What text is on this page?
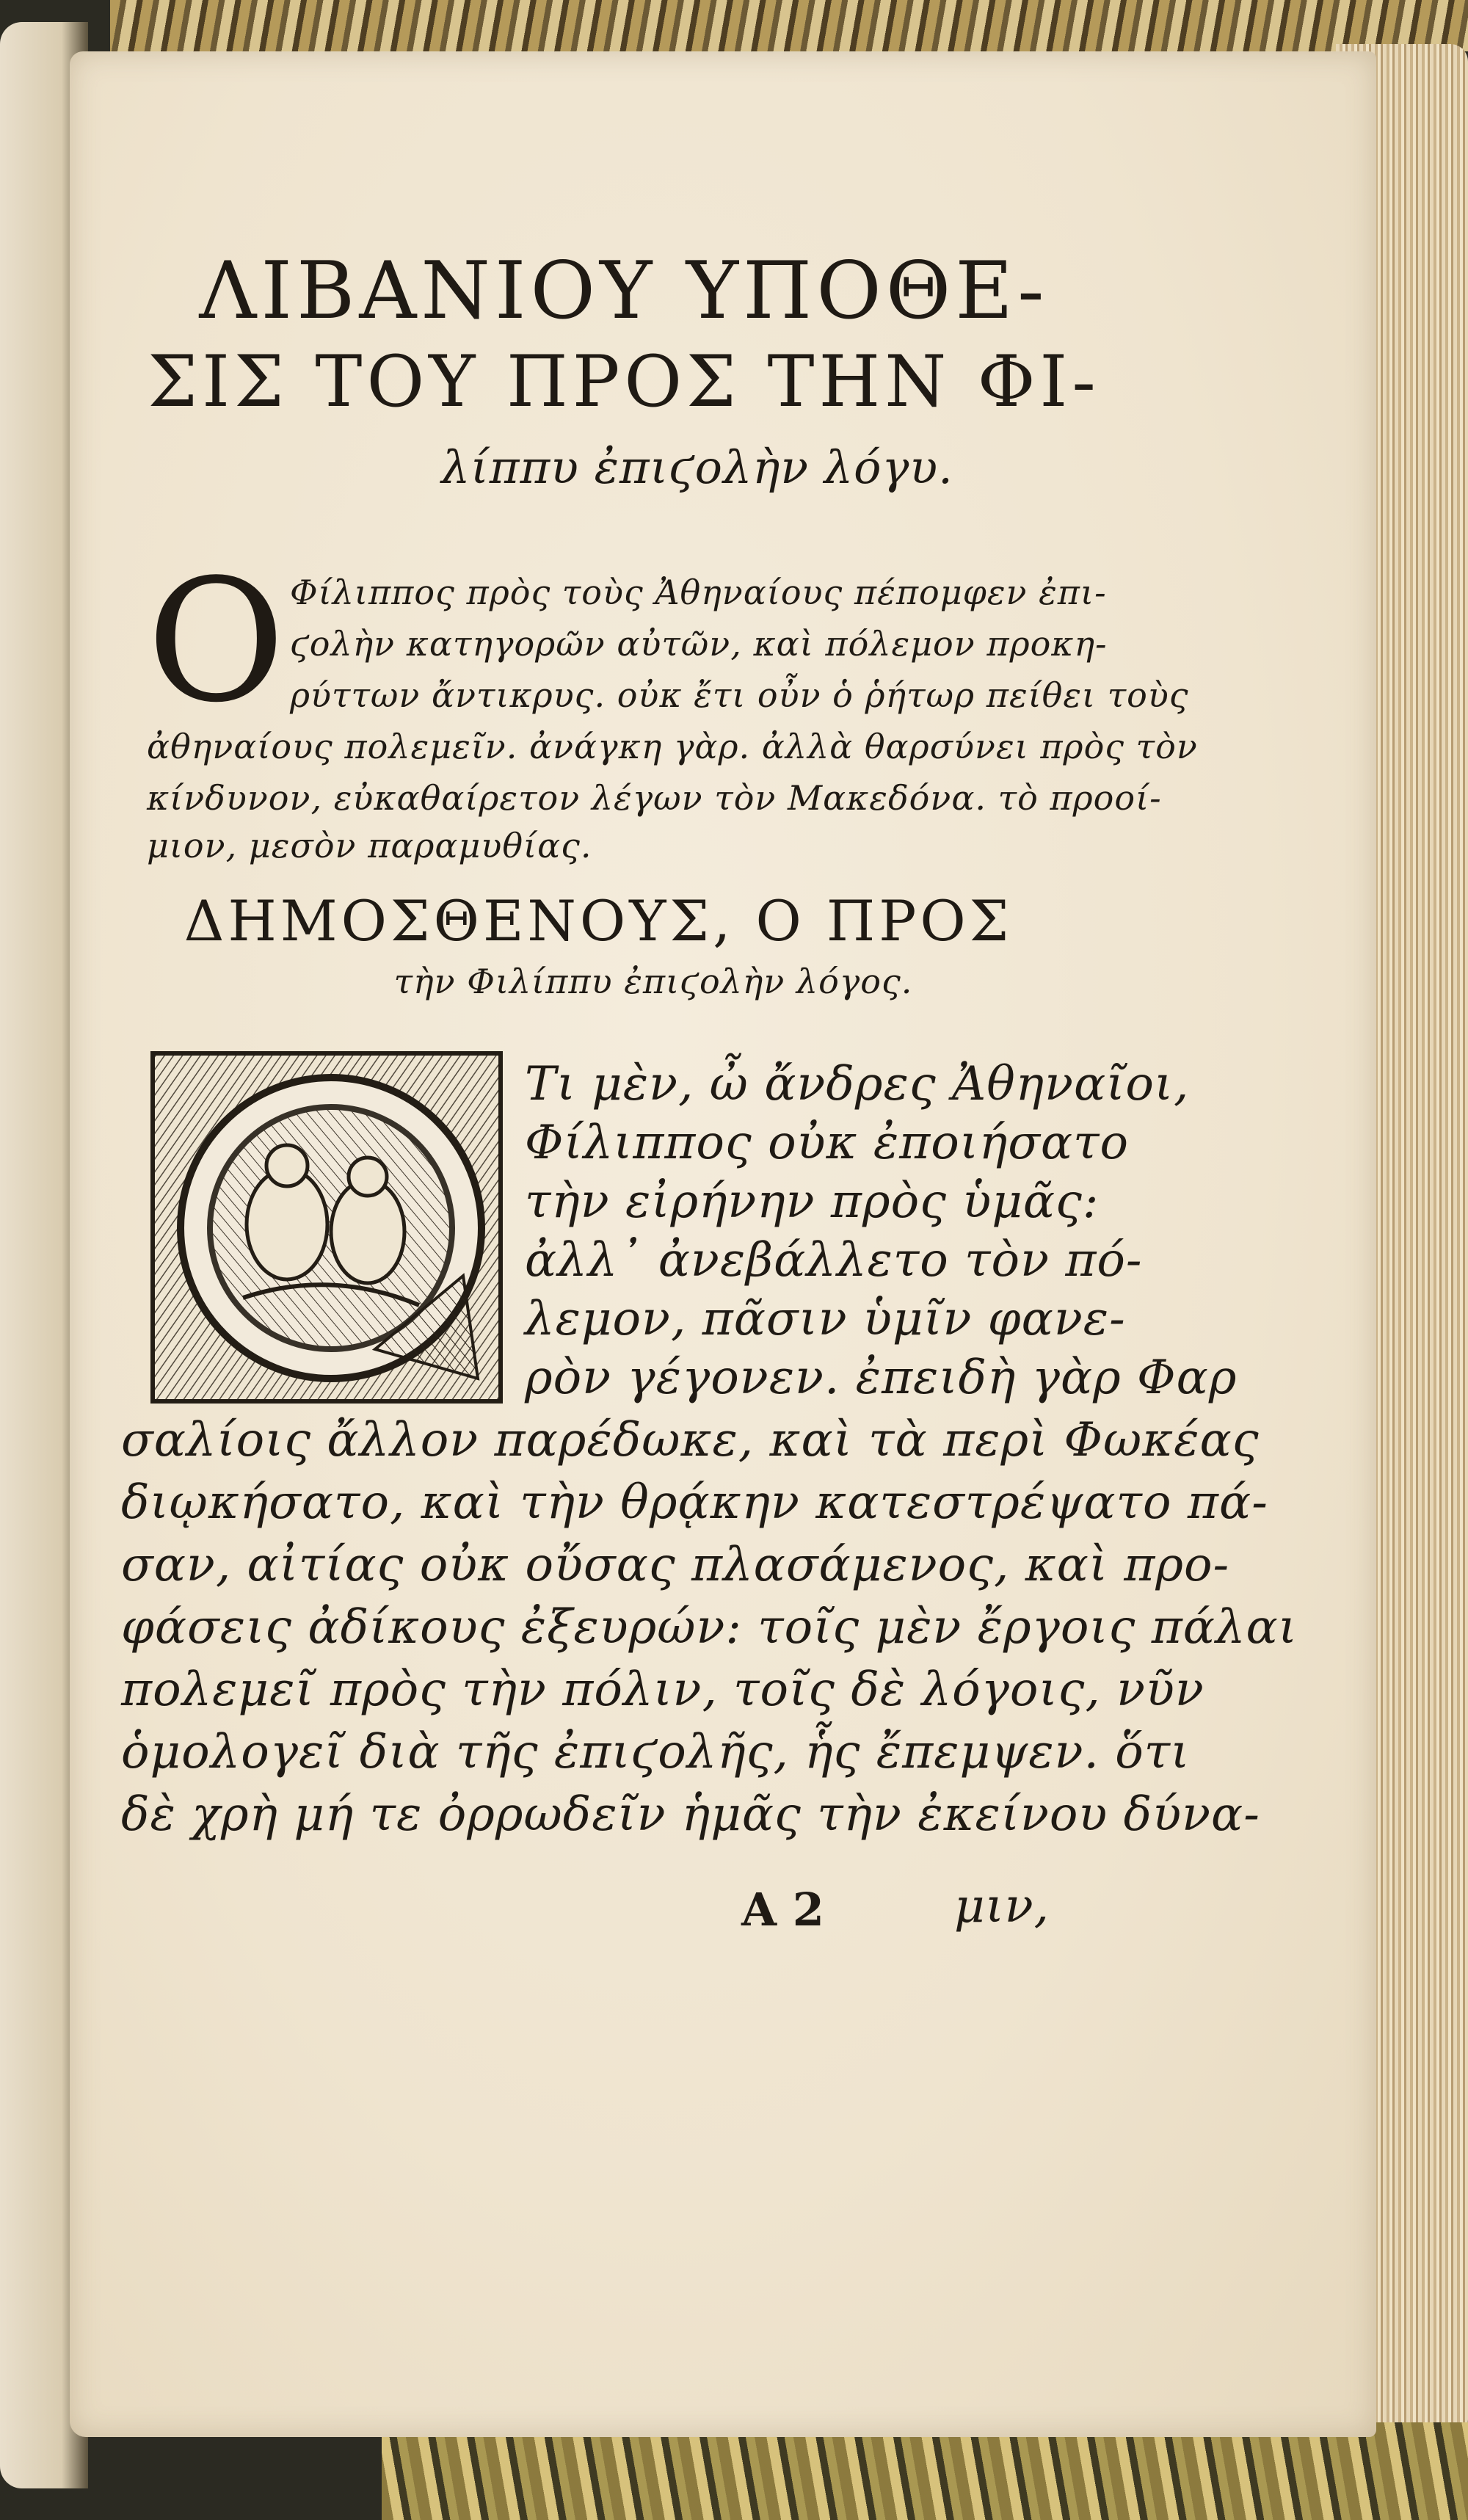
ΛΙΒΑΝΙΟΥ ΥΠΟΘΕ-
ΣΙΣ ΤΟΥ ΠΡΟΣ ΤΗΝ ΦΙ-
λίππυ ἐπιϛολὴν λόγυ.
Ο Φίλιππος πρὸς τοὺς Ἀθηναίους πέπομφεν ἐπι-
ϛολὴν κατηγορῶν αὐτῶν, καὶ πόλεμον προκη-
ρύττων ἄντικρυς. οὐκ ἔτι οὖν ὁ ῥήτωρ πείθει τοὺς
ἀθηναίους πολεμεῖν. ἀνάγκη γὰρ. ἀλλὰ θαρσύνει πρὸς τὸν
κίνδυνον, εὐκαθαίρετον λέγων τὸν Μακεδόνα. τὸ προοί-
μιον, μεσὸν παραμυθίας.
ΔΗΜΟΣΘΕΝΟΥΣ, Ο ΠΡΟΣ
τὴν Φιλίππυ ἐπιϛολὴν λόγος.
Τι μὲν, ὦ ἄνδρες Ἀθηναῖοι,
Φίλιππος οὐκ ἐποιήσατο
τὴν εἰρήνην πρὸς ὑμᾶς:
ἀλλ᾽ ἀνεβάλλετο τὸν πό-
λεμον, πᾶσιν ὑμῖν φανε-
ρὸν γέγονεν. ἐπειδὴ γὰρ Φαρ
σαλίοις ἄλλον παρέδωκε, καὶ τὰ περὶ Φωκέας
διῳκήσατο, καὶ τὴν θρᾴκην κατεστρέψατο πά-
σαν, αἰτίας οὐκ οὔσας πλασάμενος, καὶ προ-
φάσεις ἀδίκους ἐξευρών: τοῖς μὲν ἔργοις πάλαι
πολεμεῖ πρὸς τὴν πόλιν, τοῖς δὲ λόγοις, νῦν
ὁμολογεῖ διὰ τῆς ἐπιϛολῆς, ἧς ἔπεμψεν. ὅτι
δὲ χρὴ μή τε ὀρρωδεῖν ἡμᾶς τὴν ἐκείνου δύνα-
A 2	μιν,
